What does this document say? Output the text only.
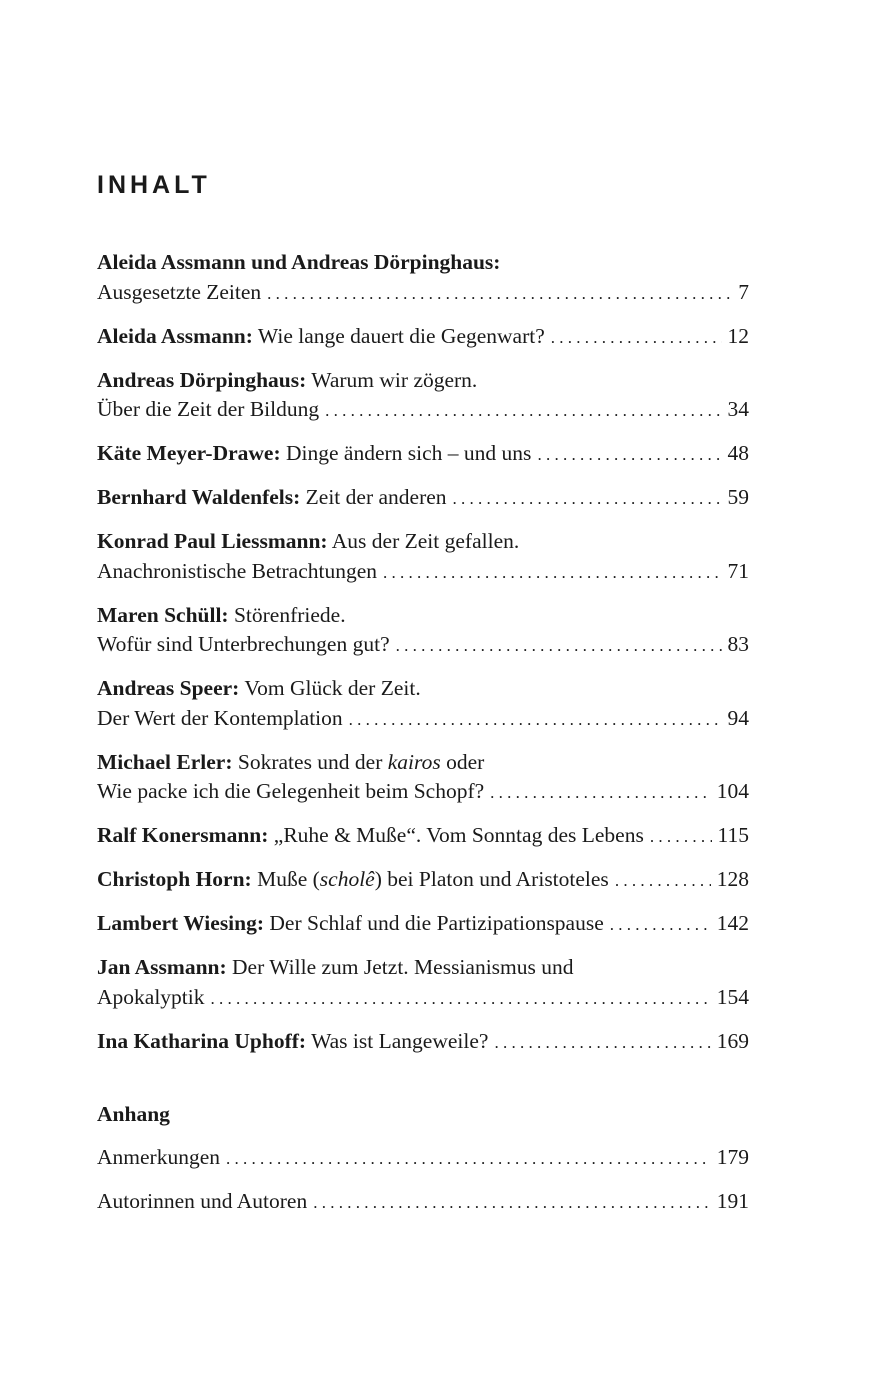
INHALT
Aleida Assmann und Andreas Dörpinghaus:
Ausgesetzte Zeiten . . .	7
Aleida Assmann: Wie lange dauert die Gegenwart? . . .	12
Andreas Dörpinghaus: Warum wir zögern.
Über die Zeit der Bildung . . .	34
Käte Meyer-Drawe: Dinge ändern sich – und uns . . .	48
Bernhard Waldenfels: Zeit der anderen . . .	59
Konrad Paul Liessmann: Aus der Zeit gefallen.
Anachronistische Betrachtungen . . .	71
Maren Schüll: Störenfriede.
Wofür sind Unterbrechungen gut? . . .	83
Andreas Speer: Vom Glück der Zeit.
Der Wert der Kontemplation . . .	94
Michael Erler: Sokrates und der kairos oder
Wie packe ich die Gelegenheit beim Schopf? . . .	104
Ralf Konersmann: „Ruhe & Muße“. Vom Sonntag des Lebens . . .	115
Christoph Horn: Muße (scholê) bei Platon und Aristoteles . . .	128
Lambert Wiesing: Der Schlaf und die Partizipationspause . . .	142
Jan Assmann: Der Wille zum Jetzt. Messianismus und
Apokalyptik . . .	154
Ina Katharina Uphoff: Was ist Langeweile? . . .	169
Anhang
Anmerkungen . . .	179
Autorinnen und Autoren . . .	191
